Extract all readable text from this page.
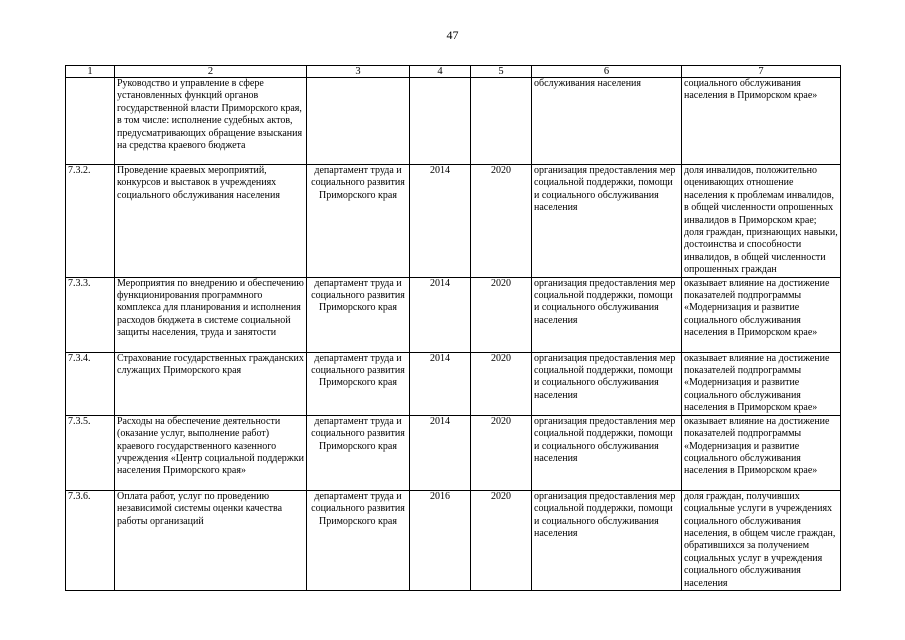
47
1	2	3	4	5	6	7
	Руководство и управление в сфере установленных функций органов государственной власти Приморского края, в том числе: исполнение судебных актов, предусматривающих обращение взыскания на средства краевого бюджета				обслуживания населения	социального обслуживания населения в Приморском крае»
7.3.2.	Проведение краевых мероприятий, конкурсов и выставок в учреждениях социального обслуживания населения	департамент труда и социального развития Приморского края	2014	2020	организация предоставления мер социальной поддержки, помощи и социального обслуживания населения	доля инвалидов, положительно оценивающих отношение населения к проблемам инвалидов, в общей численности опрошенных инвалидов в Приморском крае; доля граждан, признающих навыки, достоинства и способности инвалидов, в общей численности опрошенных граждан
7.3.3.	Мероприятия по внедрению и обеспечению функционирования программного комплекса для планирования и исполнения расходов бюджета в системе социальной защиты населения, труда и занятости	департамент труда и социального развития Приморского края	2014	2020	организация предоставления мер социальной поддержки, помощи и социального обслуживания населения	оказывает влияние на достижение показателей подпрограммы «Модернизация и развитие социального обслуживания населения в Приморском крае»
7.3.4.	Страхование государственных гражданских служащих Приморского края	департамент труда и социального развития Приморского края	2014	2020	организация предоставления мер социальной поддержки, помощи и социального обслуживания населения	оказывает влияние на достижение показателей подпрограммы «Модернизация и развитие социального обслуживания населения в Приморском крае»
7.3.5.	Расходы на обеспечение деятельности (оказание услуг, выполнение работ) краевого государственного казенного учреждения «Центр социальной поддержки населения Приморского края»	департамент труда и социального развития Приморского края	2014	2020	организация предоставления мер социальной поддержки, помощи и социального обслуживания населения	оказывает влияние на достижение показателей подпрограммы «Модернизация и развитие социального обслуживания населения в Приморском крае»
7.3.6.	Оплата работ, услуг по проведению независимой системы оценки качества работы организаций	департамент труда и социального развития Приморского края	2016	2020	организация предоставления мер социальной поддержки, помощи и социального обслуживания населения	доля граждан, получивших социальные услуги в учреждениях социального обслуживания населения, в общем числе граждан, обратившихся за получением социальных услуг в учреждения социального обслуживания населения
